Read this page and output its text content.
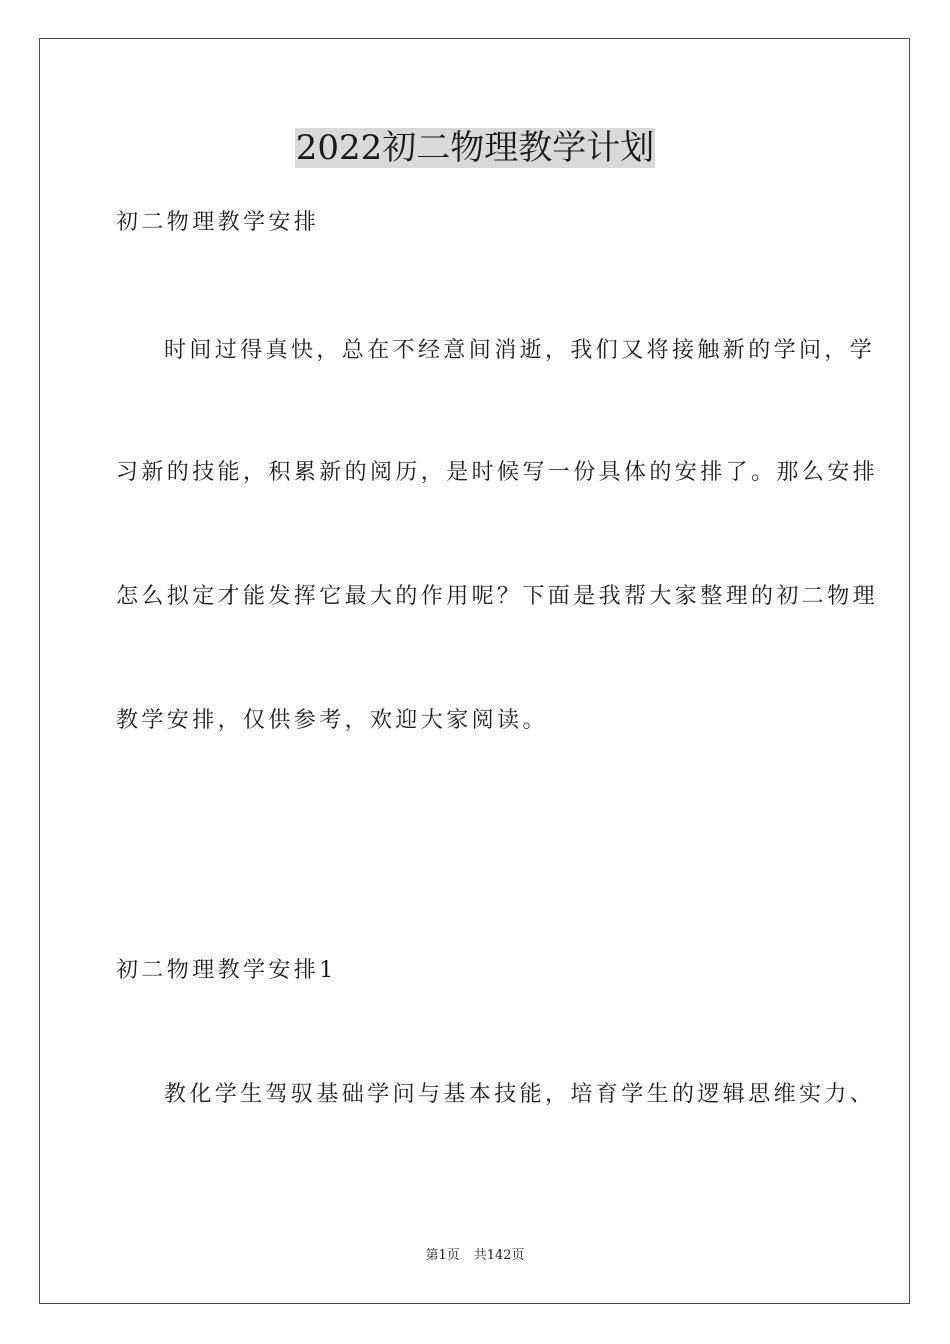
2022初二物理教学计划

初二物理教学安排

时间过得真快，总在不经意间消逝，我们又将接触新的学问，学

习新的技能，积累新的阅历，是时候写一份具体的安排了。那么安排

怎么拟定才能发挥它最大的作用呢？下面是我帮大家整理的初二物理

教学安排，仅供参考，欢迎大家阅读。

初二物理教学安排1

教化学生驾驭基础学问与基本技能，培育学生的逻辑思维实力、

第1页 共142页
